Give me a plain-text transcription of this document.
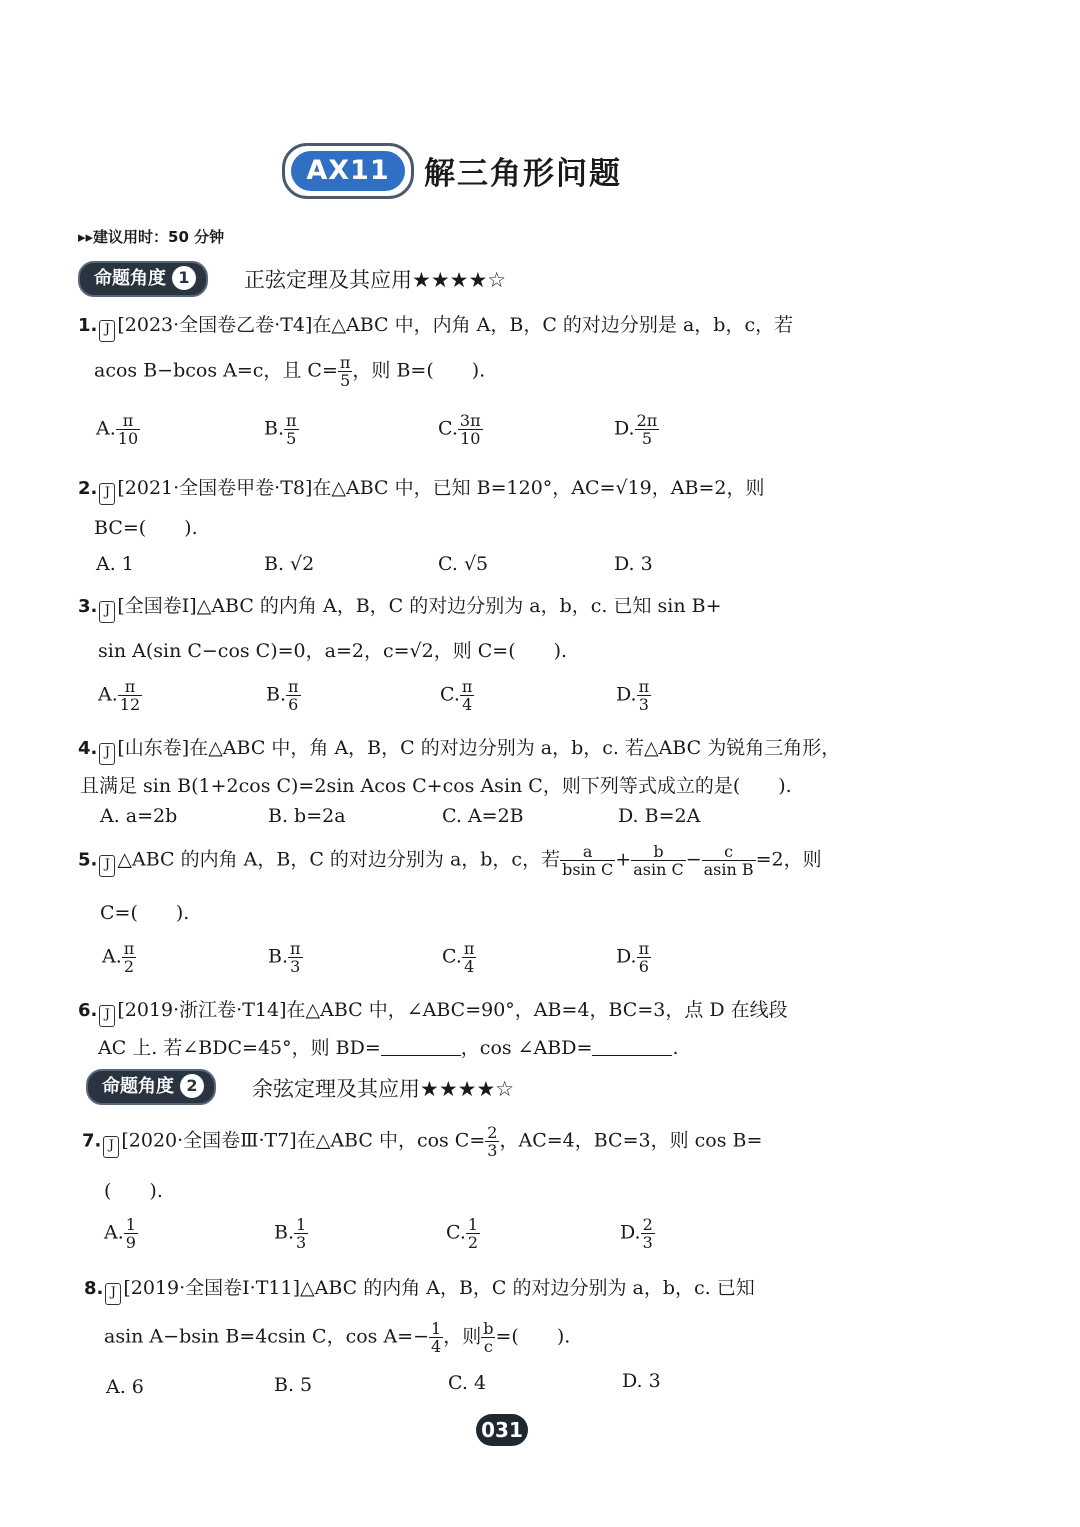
AX11	解三角形问题
▸▸建议用时：50 分钟
命题角度 1	正弦定理及其应用★★★★☆
1. J [2023·全国卷乙卷·T4]在△ABC 中，内角 A，B，C 的对边分别是 a，b，c，若
acos B−bcos A=c，且 $C= \frac{\pi}{5}$ ，则 B=(　　).
A. $\frac{\pi}{10}$	B. $\frac{\pi}{5}$	C. $\frac{3\pi}{10}$	D. $\frac{2\pi}{5}$
2. J [2021·全国卷甲卷·T8]在△ABC 中，已知 B=120°，AC=√19，AB=2，则
BC=(　　).
A. 1	B. √2	C. √5	D. 3
3. J [全国卷Ⅰ]△ABC 的内角 A，B，C 的对边分别为 a，b，c. 已知 sin B+
sin A(sin C−cos C)=0，a=2，c=√2，则 C=(　　).
A. $\frac{\pi}{12}$	B. $\frac{\pi}{6}$	C. $\frac{\pi}{4}$	D. $\frac{\pi}{3}$
4. J [山东卷]在△ABC 中，角 A，B，C 的对边分别为 a，b，c. 若△ABC 为锐角三角形，
且满足 sin B(1+2cos C)=2sin Acos C+cos Asin C，则下列等式成立的是(　　).
A. a=2b	B. b=2a	C. A=2B	D. B=2A
5. J △ABC 的内角 A，B，C 的对边分别为 a，b，c，若 $\frac{a}{\text{bsin C}} + \frac{b}{\text{asin C}} - \frac{c}{\text{asin B}} =2$，则
C=(　　).
A. $\frac{\pi}{2}$	B. $\frac{\pi}{3}$	C. $\frac{\pi}{4}$	D. $\frac{\pi}{6}$
6. J [2019·浙江卷·T14]在△ABC 中，∠ABC=90°，AB=4，BC=3，点 D 在线段
AC 上. 若∠BDC=45°，则 BD=	，cos ∠ABD=	.
命题角度 2	余弦定理及其应用★★★★☆
7. J [2020·全国卷Ⅲ·T7]在△ABC 中，$\cos C= \frac{2}{3}$ ，AC=4，BC=3，则 cos B=
(　　).
A. $\frac{1}{9}$	B. $\frac{1}{3}$	C. $\frac{1}{2}$	D. $\frac{2}{3}$
8. J [2019·全国卷Ⅰ·T11]△ABC 的内角 A，B，C 的对边分别为 a，b，c. 已知
asin A−bsin B=4csin C，$\cos A=- \frac{1}{4}$ ，则 $\frac{b}{c}$ =(　　).
A. 6	B. 5	C. 4	D. 3
031
